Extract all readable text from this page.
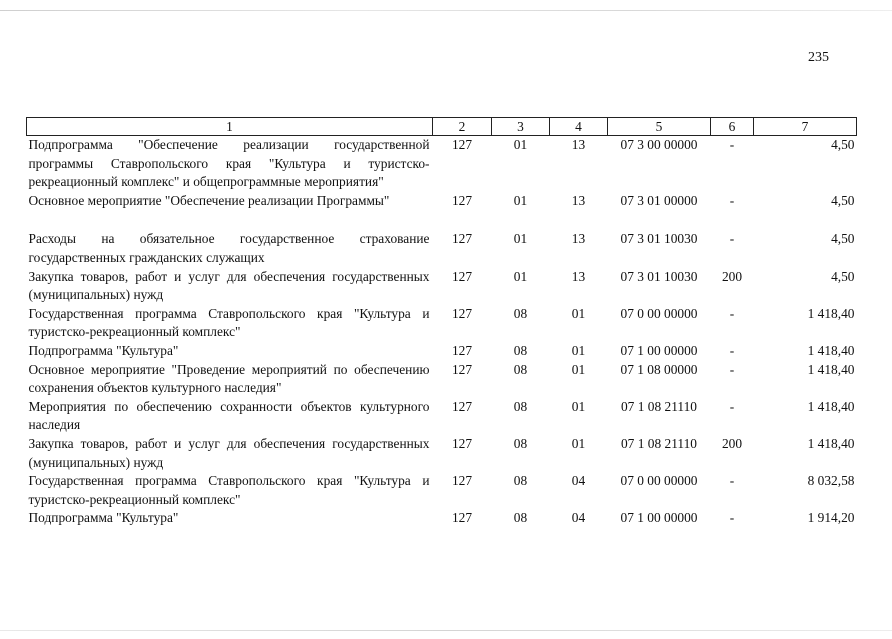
235
1	2	3	4	5	6	7
Подпрограмма "Обеспечение реализации государственной программы Ставропольского края "Культура и туристско-рекреационный комплекс" и общепрограммные мероприятия"	127	01	13	07 3 00 00000	-	4,50
Основное мероприятие "Обеспечение реализации Программы"	127	01	13	07 3 01 00000	-	4,50
Расходы на обязательное государственное страхование государственных гражданских служащих	127	01	13	07 3 01 10030	-	4,50
Закупка товаров, работ и услуг для обеспечения государственных (муниципальных) нужд	127	01	13	07 3 01 10030	200	4,50
Государственная программа Ставропольского края "Культура и туристско-рекреационный комплекс"	127	08	01	07 0 00 00000	-	1 418,40
Подпрограмма "Культура"	127	08	01	07 1 00 00000	-	1 418,40
Основное мероприятие "Проведение мероприятий по обеспечению сохранения объектов культурного наследия"	127	08	01	07 1 08 00000	-	1 418,40
Мероприятия по обеспечению сохранности объектов культурного наследия	127	08	01	07 1 08 21110	-	1 418,40
Закупка товаров, работ и услуг для обеспечения государственных (муниципальных) нужд	127	08	01	07 1 08 21110	200	1 418,40
Государственная программа Ставропольского края "Культура и туристско-рекреационный комплекс"	127	08	04	07 0 00 00000	-	8 032,58
Подпрограмма "Культура"	127	08	04	07 1 00 00000	-	1 914,20
